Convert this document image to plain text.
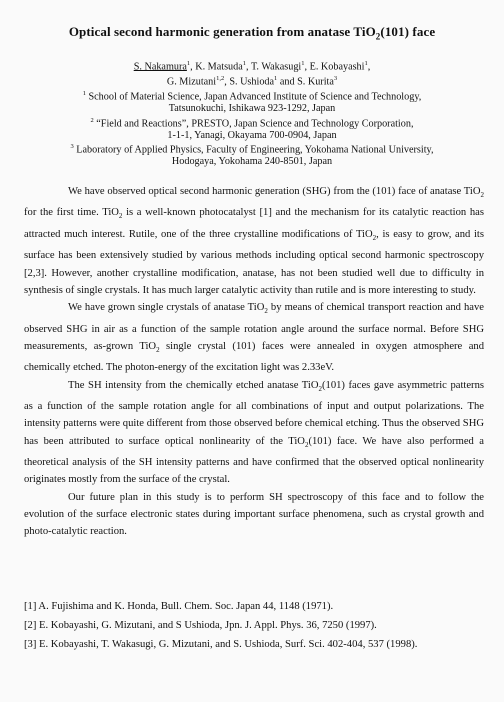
Optical second harmonic generation from anatase TiO$_2$(101) face
S. Nakamura$^1$, K. Matsuda$^1$, T. Wakasugi$^1$, E. Kobayashi$^1$,
G. Mizutani$^{1,2}$, S. Ushioda$^1$ and S. Kurita$^3$
$^1$ School of Material Science, Japan Advanced Institute of Science and Technology,
Tatsunokuchi, Ishikawa 923-1292, Japan
$^2$ “Field and Reactions”, PRESTO, Japan Science and Technology Corporation,
1-1-1, Yanagi, Okayama 700-0904, Japan
$^3$ Laboratory of Applied Physics, Faculty of Engineering, Yokohama National University,
Hodogaya, Yokohama 240-8501, Japan

We have observed optical second harmonic generation (SHG) from the (101) face of anatase TiO$_2$ for the first time. TiO$_2$ is a well-known photocatalyst [1] and the mechanism for its catalytic reaction has attracted much interest. Rutile, one of the three crystalline modifications of TiO$_2$, is easy to grow, and its surface has been extensively studied by various methods including optical second harmonic spectroscopy [2,3]. However, another crystalline modification, anatase, has not been studied well due to difficulty in synthesis of single crystals. It has much larger catalytic activity than rutile and is more interesting to study.

We have grown single crystals of anatase TiO$_2$ by means of chemical transport reaction and have observed SHG in air as a function of the sample rotation angle around the surface normal. Before SHG measurements, as-grown TiO$_2$ single crystal (101) faces were annealed in oxygen atmosphere and chemically etched. The photon-energy of the excitation light was 2.33eV.

The SH intensity from the chemically etched anatase TiO$_2$(101) faces gave asymmetric patterns as a function of the sample rotation angle for all combinations of input and output polarizations. The intensity patterns were quite different from those observed before chemical etching. Thus the observed SHG has been attributed to surface optical nonlinearity of the TiO$_2$(101) face. We have also performed a theoretical analysis of the SH intensity patterns and have confirmed that the observed optical nonlinearity originates mostly from the surface of the crystal.

Our future plan in this study is to perform SH spectroscopy of this face and to follow the evolution of the surface electronic states during important surface phenomena, such as crystal growth and photo-catalytic reaction.

[1] A. Fujishima and K. Honda, Bull. Chem. Soc. Japan 44, 1148 (1971).
[2] E. Kobayashi, G. Mizutani, and S Ushioda, Jpn. J. Appl. Phys. 36, 7250 (1997).
[3] E. Kobayashi, T. Wakasugi, G. Mizutani, and S. Ushioda, Surf. Sci. 402-404, 537 (1998).
